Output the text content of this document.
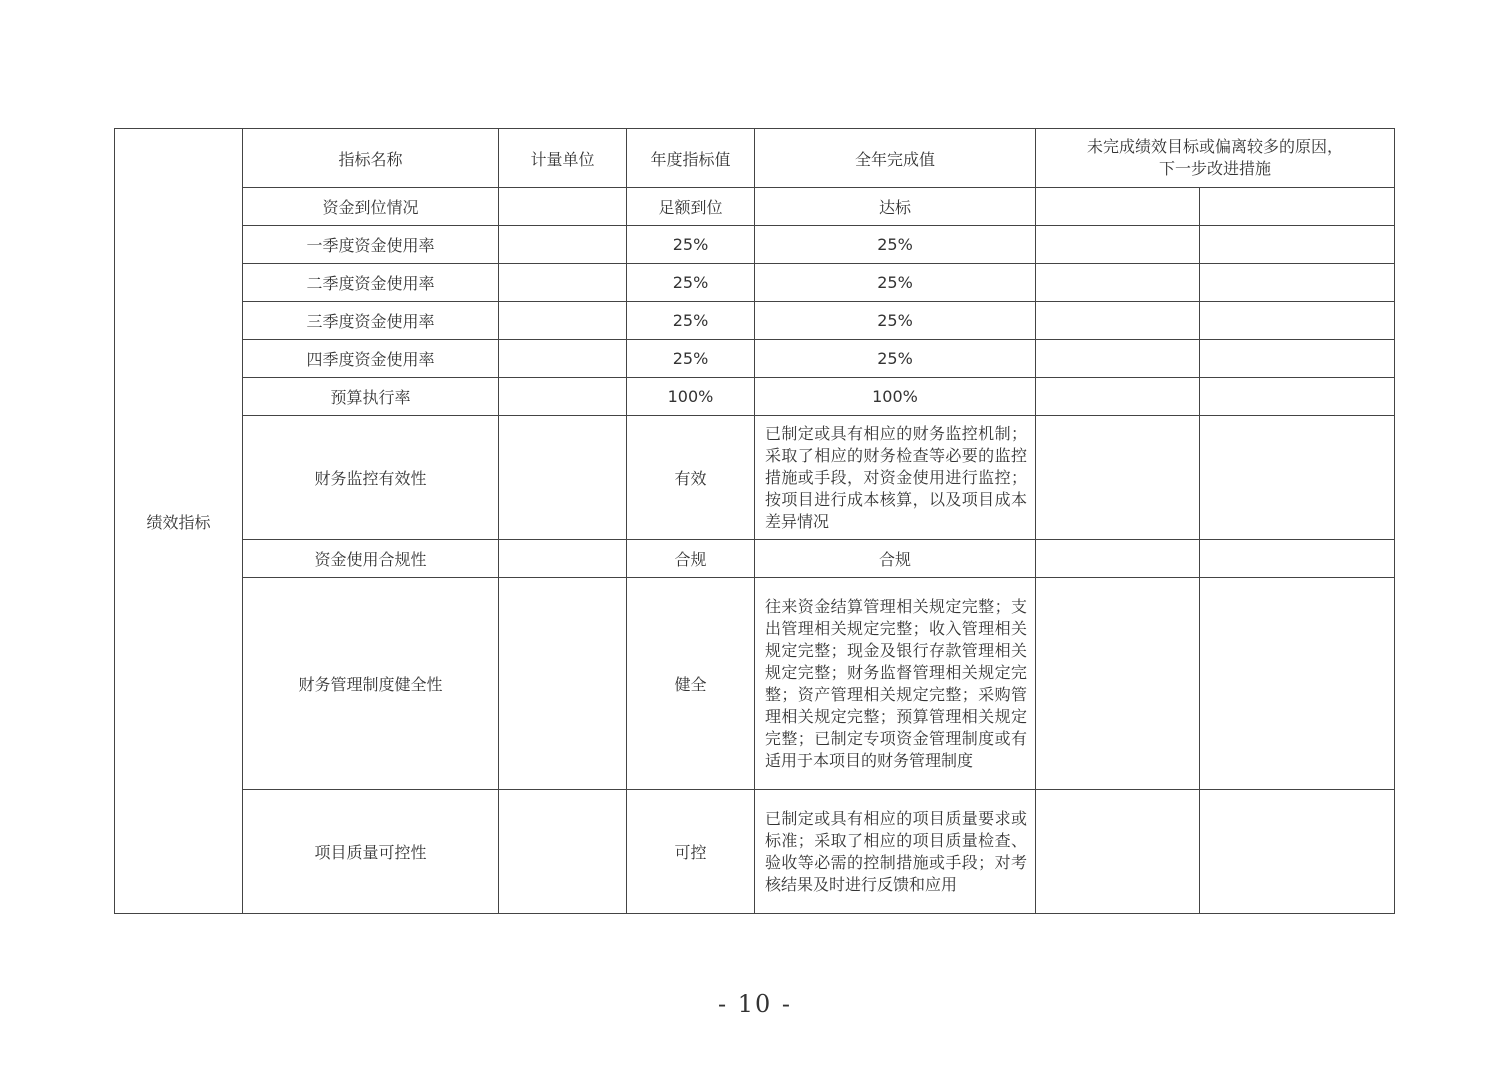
绩效指标	指标名称	计量单位	年度指标值	全年完成值	未完成绩效目标或偏离较多的原因，
下一步改进措施	
	资金到位情况		足额到位	达标		
	一季度资金使用率		25%	25%		
	二季度资金使用率		25%	25%		
	三季度资金使用率		25%	25%		
	四季度资金使用率		25%	25%		
	预算执行率		100%	100%		
	财务监控有效性		有效	已制定或具有相应的财务监控机制；采取了相应的财务检查等必要的监控措施或手段，对资金使用进行监控；按项目进行成本核算，以及项目成本差异情况		
	资金使用合规性		合规	合规		
	财务管理制度健全性		健全	往来资金结算管理相关规定完整；支出管理相关规定完整；收入管理相关规定完整；现金及银行存款管理相关规定完整；财务监督管理相关规定完整；资产管理相关规定完整；采购管理相关规定完整；预算管理相关规定完整；已制定专项资金管理制度或有适用于本项目的财务管理制度		
	项目质量可控性		可控	已制定或具有相应的项目质量要求或标准；采取了相应的项目质量检查、验收等必需的控制措施或手段；对考核结果及时进行反馈和应用		
- 10 -
